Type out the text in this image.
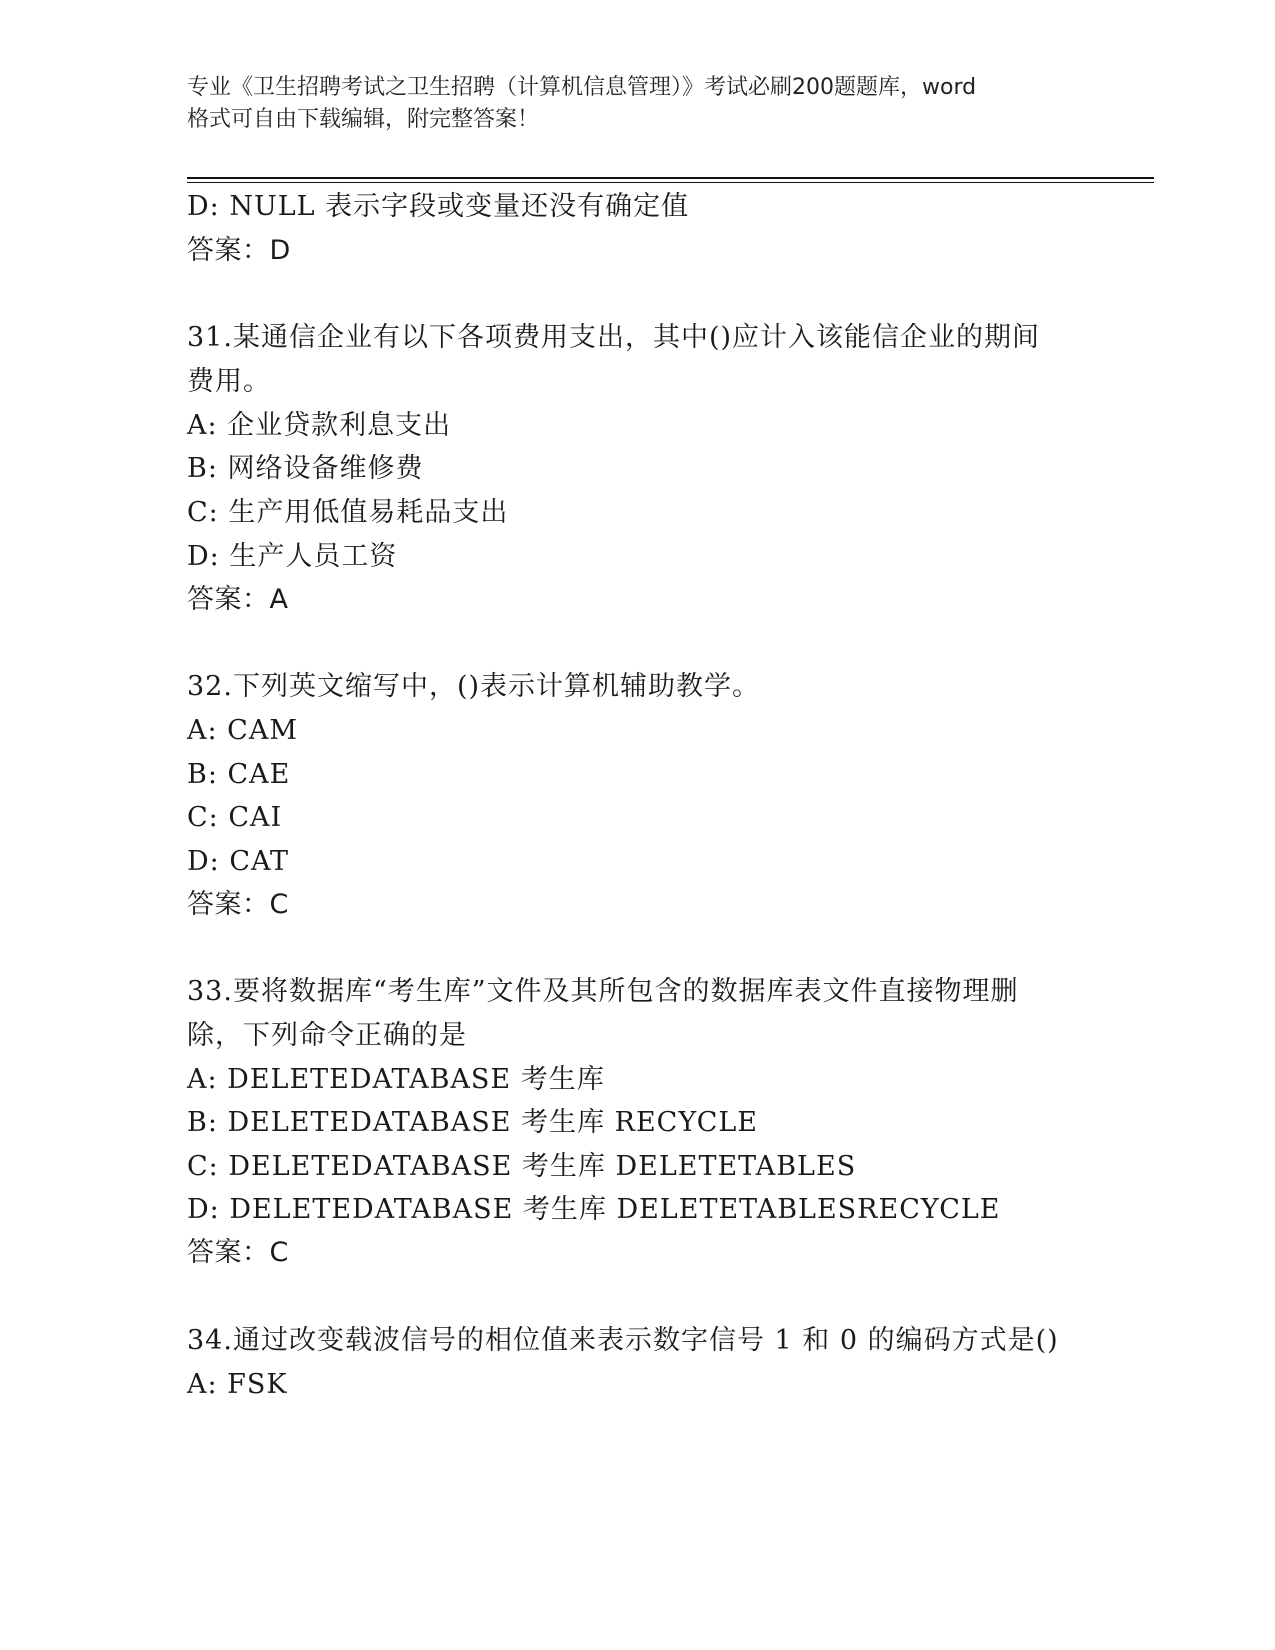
专业《卫生招聘考试之卫生招聘（计算机信息管理）》考试必刷200题题库，word
格式可自由下载编辑，附完整答案！
D: NULL 表示字段或变量还没有确定值
答案：D
31.某通信企业有以下各项费用支出，其中()应计入该能信企业的期间
费用。
A: 企业贷款利息支出
B: 网络设备维修费
C: 生产用低值易耗品支出
D: 生产人员工资
答案：A
32.下列英文缩写中，()表示计算机辅助教学。
A: CAM
B: CAE
C: CAI
D: CAT
答案：C
33.要将数据库“考生库”文件及其所包含的数据库表文件直接物理删
除，下列命令正确的是
A: DELETEDATABASE 考生库
B: DELETEDATABASE 考生库 RECYCLE
C: DELETEDATABASE 考生库 DELETETABLES
D: DELETEDATABASE 考生库 DELETETABLESRECYCLE
答案：C
34.通过改变载波信号的相位值来表示数字信号 1 和 0 的编码方式是()
A: FSK
